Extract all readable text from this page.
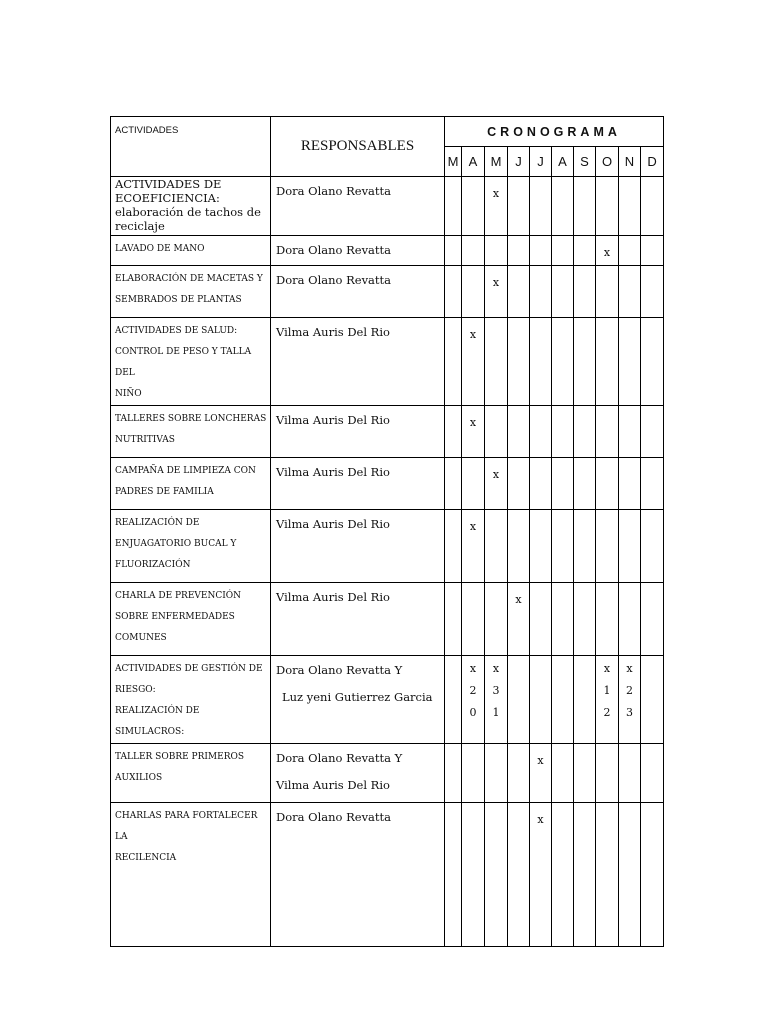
ACTIVIDADES	RESPONSABLES	CRONOGRAMA									
		M	A	M	J	J	A	S	O	N	D

ACTIVIDADES DE ECOEFICIENCIA: elaboración de tachos de reciclaje	Dora Olano Revatta			x							

LAVADO DE MANO	Dora Olano Revatta								x		

ELABORACIÓN DE MACETAS Y
SEMBRADOS DE PLANTAS	Dora Olano Revatta			x							

ACTIVIDADES DE SALUD:
CONTROL DE PESO Y TALLA DEL
NIÑO	Vilma Auris Del Rio		x								

TALLERES SOBRE LONCHERAS
NUTRITIVAS	Vilma Auris Del Rio		x								

CAMPAÑA DE LIMPIEZA CON
PADRES DE FAMILIA	Vilma Auris Del Rio			x							

REALIZACIÓN DE
ENJUAGATORIO BUCAL Y
FLUORIZACIÓN	Vilma Auris Del Rio		x								

CHARLA DE PREVENCIÓN
SOBRE ENFERMEDADES
COMUNES	Vilma Auris Del Rio				x						

ACTIVIDADES DE GESTIÓN DE
RIESGO:
REALIZACIÓN DE SIMULACROS:	Dora Olano Revatta Y
Luz yeni Gutierrez Garcia		x 2 0	x 3 1					x 1 2	x 2 3	

TALLER SOBRE PRIMEROS
AUXILIOS	Dora Olano Revatta Y
Vilma Auris Del Rio					x					

CHARLAS PARA FORTALECER LA
RECILENCIA	Dora Olano Revatta					x					
